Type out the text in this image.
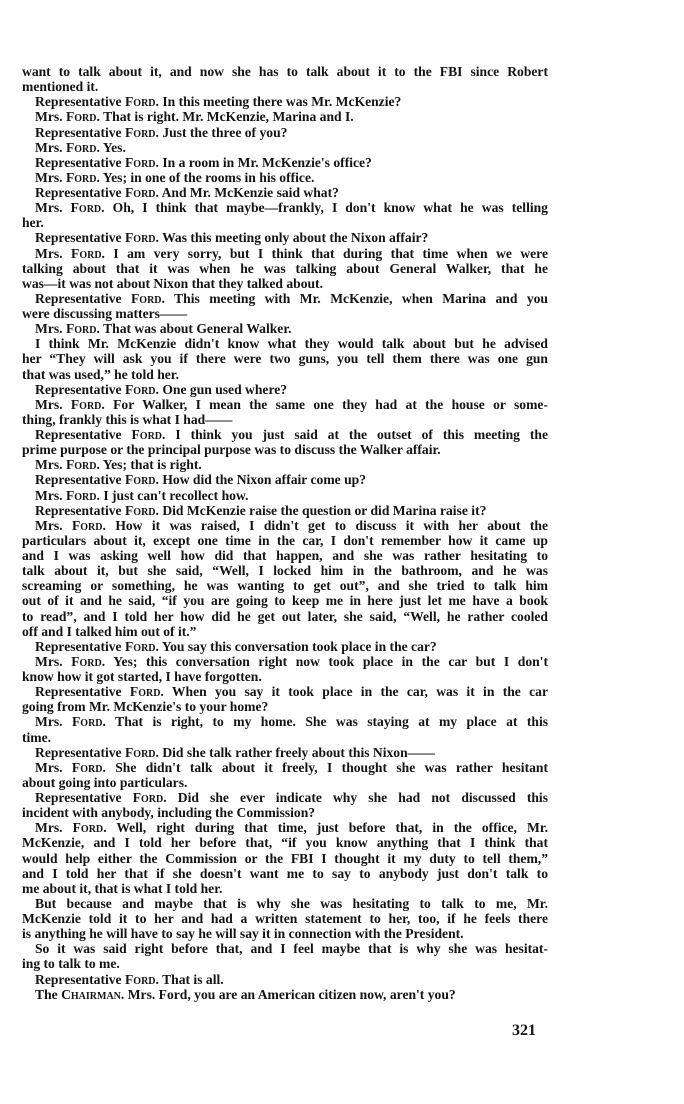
want to talk about it, and now she has to talk about it to the FBI since Robert
mentioned it.
Representative Ford. In this meeting there was Mr. McKenzie?
Mrs. Ford. That is right. Mr. McKenzie, Marina and I.
Representative Ford. Just the three of you?
Mrs. Ford. Yes.
Representative Ford. In a room in Mr. McKenzie's office?
Mrs. Ford. Yes; in one of the rooms in his office.
Representative Ford. And Mr. McKenzie said what?
Mrs. Ford. Oh, I think that maybe—frankly, I don't know what he was telling
her.
Representative Ford. Was this meeting only about the Nixon affair?
Mrs. Ford. I am very sorry, but I think that during that time when we were
talking about that it was when he was talking about General Walker, that he
was—it was not about Nixon that they talked about.
Representative Ford. This meeting with Mr. McKenzie, when Marina and you
were discussing matters——
Mrs. Ford. That was about General Walker.
I think Mr. McKenzie didn't know what they would talk about but he advised
her “They will ask you if there were two guns, you tell them there was one gun
that was used,” he told her.
Representative Ford. One gun used where?
Mrs. Ford. For Walker, I mean the same one they had at the house or some-
thing, frankly this is what I had——
Representative Ford. I think you just said at the outset of this meeting the
prime purpose or the principal purpose was to discuss the Walker affair.
Mrs. Ford. Yes; that is right.
Representative Ford. How did the Nixon affair come up?
Mrs. Ford. I just can't recollect how.
Representative Ford. Did McKenzie raise the question or did Marina raise it?
Mrs. Ford. How it was raised, I didn't get to discuss it with her about the
particulars about it, except one time in the car, I don't remember how it came up
and I was asking well how did that happen, and she was rather hesitating to
talk about it, but she said, “Well, I locked him in the bathroom, and he was
screaming or something, he was wanting to get out”, and she tried to talk him
out of it and he said, “if you are going to keep me in here just let me have a book
to read”, and I told her how did he get out later, she said, “Well, he rather cooled
off and I talked him out of it.”
Representative Ford. You say this conversation took place in the car?
Mrs. Ford. Yes; this conversation right now took place in the car but I don't
know how it got started, I have forgotten.
Representative Ford. When you say it took place in the car, was it in the car
going from Mr. McKenzie's to your home?
Mrs. Ford. That is right, to my home. She was staying at my place at this
time.
Representative Ford. Did she talk rather freely about this Nixon——
Mrs. Ford. She didn't talk about it freely, I thought she was rather hesitant
about going into particulars.
Representative Ford. Did she ever indicate why she had not discussed this
incident with anybody, including the Commission?
Mrs. Ford. Well, right during that time, just before that, in the office, Mr.
McKenzie, and I told her before that, “if you know anything that I think that
would help either the Commission or the FBI I thought it my duty to tell them,”
and I told her that if she doesn't want me to say to anybody just don't talk to
me about it, that is what I told her.
But because and maybe that is why she was hesitating to talk to me, Mr.
McKenzie told it to her and had a written statement to her, too, if he feels there
is anything he will have to say he will say it in connection with the President.
So it was said right before that, and I feel maybe that is why she was hesitat-
ing to talk to me.
Representative Ford. That is all.
The Chairman. Mrs. Ford, you are an American citizen now, aren't you?
321
